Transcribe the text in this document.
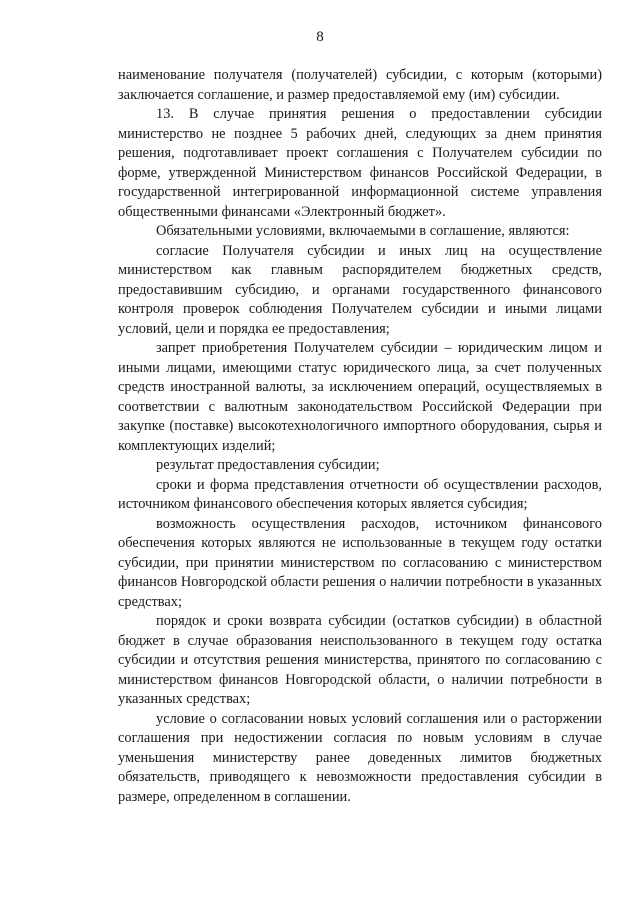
8

наименование получателя (получателей) субсидии, с которым (которыми) заключается соглашение, и размер предоставляемой ему (им) субсидии.

13. В случае принятия решения о предоставлении субсидии министерство не позднее 5 рабочих дней, следующих за днем принятия решения, подготавливает проект соглашения с Получателем субсидии по форме, утвержденной Министерством финансов Российской Федерации, в государственной интегрированной информационной системе управления общественными финансами «Электронный бюджет».

Обязательными условиями, включаемыми в соглашение, являются:

согласие Получателя субсидии и иных лиц на осуществление министерством как главным распорядителем бюджетных средств, предоставившим субсидию, и органами государственного финансового контроля проверок соблюдения Получателем субсидии и иными лицами условий, цели и порядка ее предоставления;

запрет приобретения Получателем субсидии – юридическим лицом и иными лицами, имеющими статус юридического лица, за счет полученных средств иностранной валюты, за исключением операций, осуществляемых в соответствии с валютным законодательством Российской Федерации при закупке (поставке) высокотехнологичного импортного оборудования, сырья и комплектующих изделий;

результат предоставления субсидии;

сроки и форма представления отчетности об осуществлении расходов, источником финансового обеспечения которых является субсидия;

возможность осуществления расходов, источником финансового обеспечения которых являются не использованные в текущем году остатки субсидии, при принятии министерством по согласованию с министерством финансов Новгородской области решения о наличии потребности в указанных средствах;

порядок и сроки возврата субсидии (остатков субсидии) в областной бюджет в случае образования неиспользованного в текущем году остатка субсидии и отсутствия решения министерства, принятого по согласованию с министерством финансов Новгородской области, о наличии потребности в указанных средствах;

условие о согласовании новых условий соглашения или о расторжении соглашения при недостижении согласия по новым условиям в случае уменьшения министерству ранее доведенных лимитов бюджетных обязательств, приводящего к невозможности предоставления субсидии в размере, определенном в соглашении.
